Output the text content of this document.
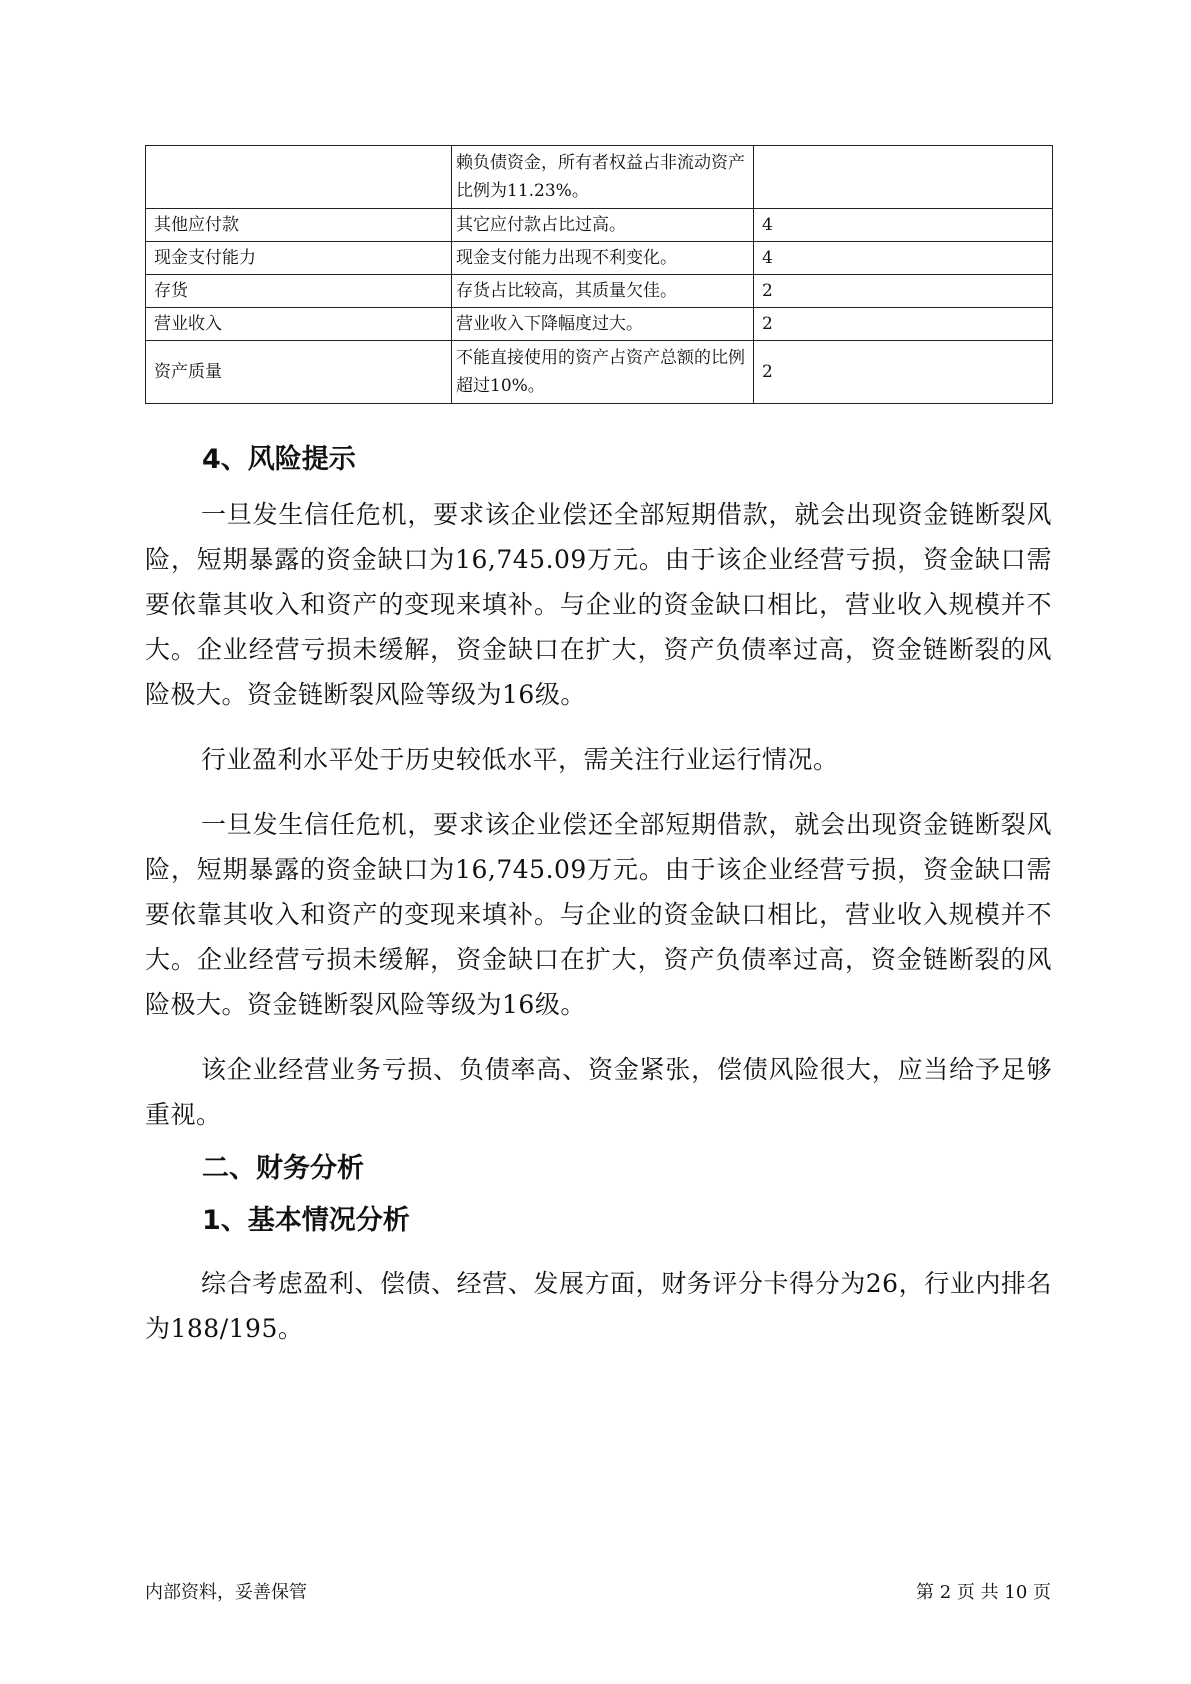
	赖负债资金，所有者权益占非流动资产比例为11.23%。	
其他应付款	其它应付款占比过高。	4
现金支付能力	现金支付能力出现不利变化。	4
存货	存货占比较高，其质量欠佳。	2
营业收入	营业收入下降幅度过大。	2
资产质量	不能直接使用的资产占资产总额的比例超过10%。	2
4、风险提示

一旦发生信任危机，要求该企业偿还全部短期借款，就会出现资金链断裂风险，短期暴露的资金缺口为16,745.09万元。由于该企业经营亏损，资金缺口需要依靠其收入和资产的变现来填补。与企业的资金缺口相比，营业收入规模并不大。企业经营亏损未缓解，资金缺口在扩大，资产负债率过高，资金链断裂的风险极大。资金链断裂风险等级为16级。

行业盈利水平处于历史较低水平，需关注行业运行情况。

一旦发生信任危机，要求该企业偿还全部短期借款，就会出现资金链断裂风险，短期暴露的资金缺口为16,745.09万元。由于该企业经营亏损，资金缺口需要依靠其收入和资产的变现来填补。与企业的资金缺口相比，营业收入规模并不大。企业经营亏损未缓解，资金缺口在扩大，资产负债率过高，资金链断裂的风险极大。资金链断裂风险等级为16级。

该企业经营业务亏损、负债率高、资金紧张，偿债风险很大，应当给予足够重视。

二、财务分析
1、基本情况分析

综合考虑盈利、偿债、经营、发展方面，财务评分卡得分为26，行业内排名为188/195。

内部资料，妥善保管	第 2 页 共 10 页
